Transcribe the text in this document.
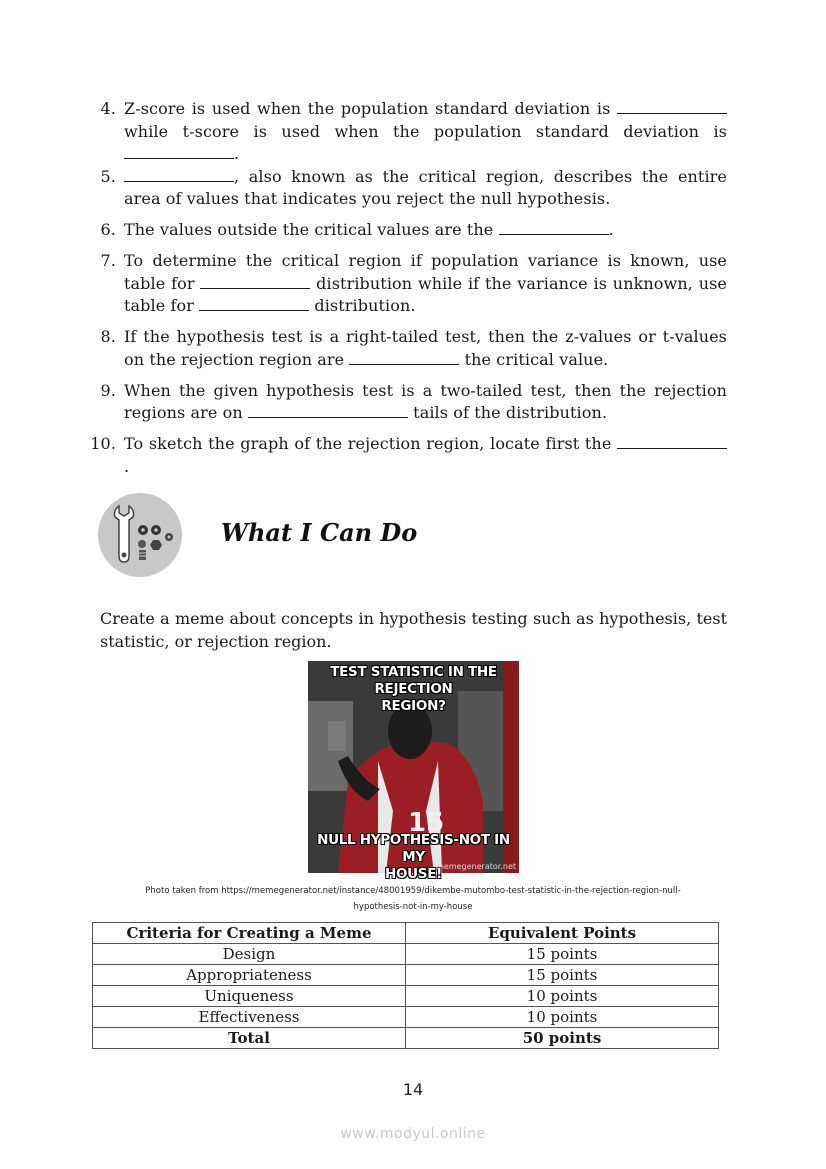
4. Z-score is used when the population standard deviation is  while t-score is used when the population standard deviation is.
5.	, also known as the critical region, describes the entire area of values that indicates you reject the null hypothesis.
6. The values outside the critical values are the	.
7. To determine the critical region if population variance is known, use table for	distribution while if the variance is unknown, use table for	distribution.
8. If the hypothesis test is a right-tailed test, then the z-values or t-values on the rejection region are	the critical value.
9. When the given hypothesis test is a two-tailed test, then the rejection regions are on	tails of the distribution.
10. To sketch the graph of the rejection region, locate first the .
What I Can Do
Create a meme about concepts in hypothesis testing such as hypothesis, test statistic, or rejection region.
15
TEST STATISTIC IN THE REJECTION
REGION?
NULL HYPOTHESIS-NOT IN MY
HOUSE!
memegenerator.net
Photo taken from https://memegenerator.net/instance/48001959/dikembe-mutombo-test-statistic-in-the-rejection-region-null-
hypothesis-not-in-my-house
Criteria for Creating a Meme	Equivalent Points
Design	15 points
Appropriateness	15 points
Uniqueness	10 points
Effectiveness	10 points
Total	50 points
14
www.modyul.online
